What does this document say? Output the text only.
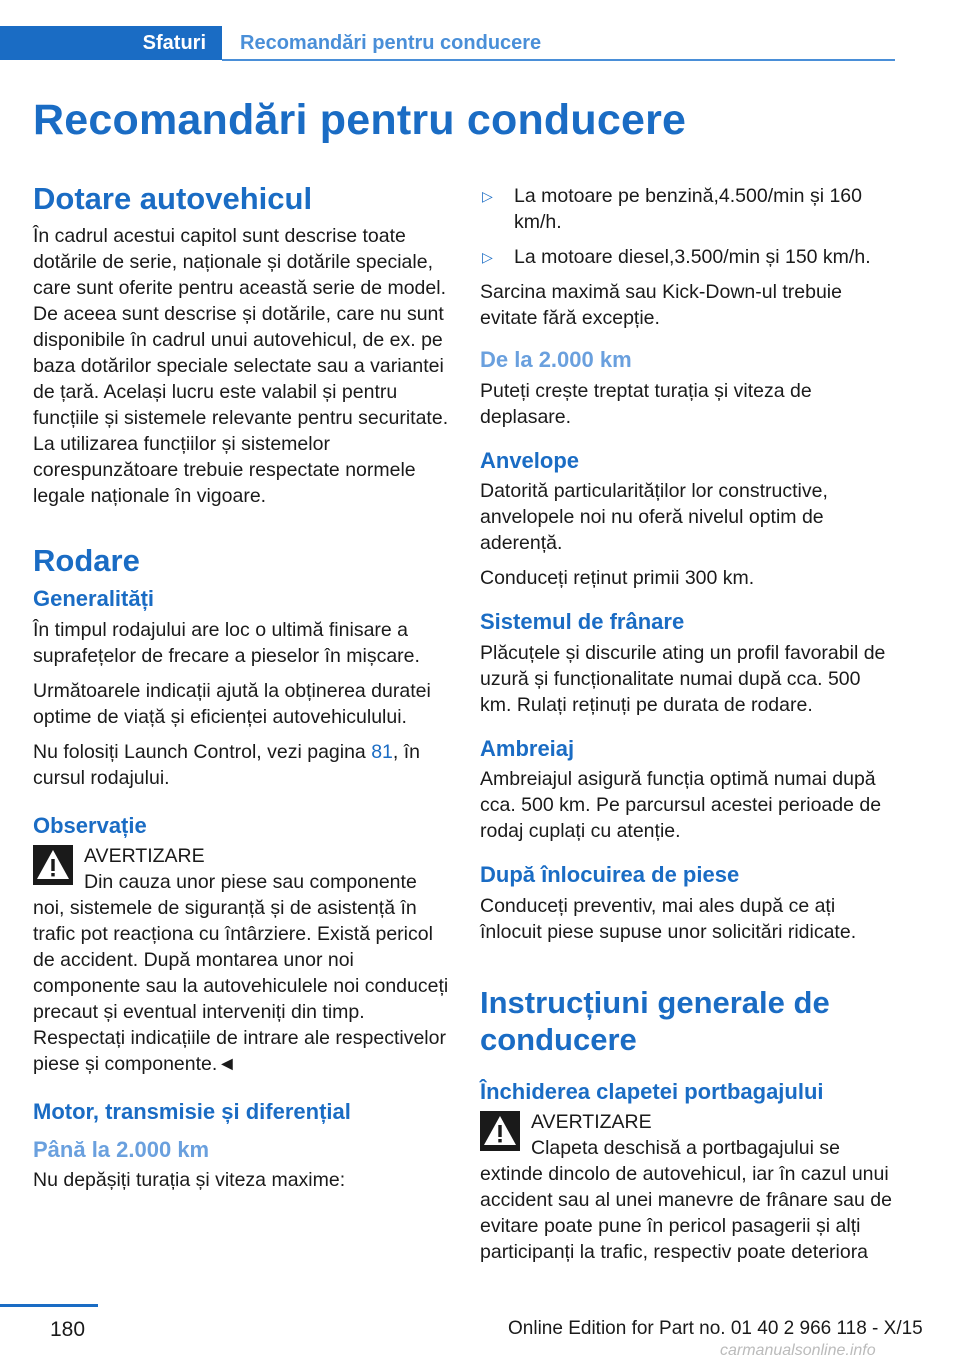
Sfaturi	Recomandări pentru conducere
Recomandări pentru conducere
Dotare autovehicul

În cadrul acestui capitol sunt descrise toate dotările de serie, naționale și dotările speciale, care sunt oferite pentru această serie de model. De aceea sunt descrise și dotările, care nu sunt disponibile în cadrul unui autovehicul, de ex. pe baza dotărilor speciale selectate sau a variantei de țară. Același lucru este valabil și pentru funcțiile și sistemele relevante pentru securitate. La utilizarea funcțiilor și sistemelor corespunzătoare trebuie respectate normele legale naționale în vigoare.

Rodare
Generalități

În timpul rodajului are loc o ultimă finisare a suprafețelor de frecare a pieselor în mișcare.

Următoarele indicații ajută la obținerea duratei optime de viață și eficienței autovehiculului.

Nu folosiți Launch Control, vezi pagina 81, în cursul rodajului.

Observație

AVERTIZARE

Din cauza unor piese sau componente noi, sistemele de siguranță și de asistență în trafic pot reacționa cu întârziere. Există pericol de accident. După montarea unor noi componente sau la autovehiculele noi conduceți precaut și eventual interveniți din timp. Respectați indicațiile de intrare ale respectivelor piese și componente.◄

Motor, transmisie și diferențial
Până la 2.000 km

Nu depășiți turația și viteza maxime:

▷	La motoare pe benzină,4.500/min și 160 km/h.
▷	La motoare diesel,3.500/min și 150 km/h.

Sarcina maximă sau Kick-Down-ul trebuie evitate fără excepție.

De la 2.000 km

Puteți crește treptat turația și viteza de deplasare.

Anvelope

Datorită particularităților lor constructive, anvelopele noi nu oferă nivelul optim de aderență.

Conduceți reținut primii 300 km.

Sistemul de frânare

Plăcuțele și discurile ating un profil favorabil de uzură și funcționalitate numai după cca. 500 km. Rulați reținuți pe durata de rodare.

Ambreiaj

Ambreiajul asigură funcția optimă numai după cca. 500 km. Pe parcursul acestei perioade de rodaj cuplați cu atenție.

După înlocuirea de piese

Conduceți preventiv, mai ales după ce ați înlocuit piese supuse unor solicitări ridicate.

Instrucțiuni generale de conducere
Închiderea clapetei portbagajului

AVERTIZARE

Clapeta deschisă a portbagajului se extinde dincolo de autovehicul, iar în cazul unui accident sau al unei manevre de frânare sau de evitare poate pune în pericol pasagerii și alți participanți la trafic, respectiv poate deteriora

180	Online Edition for Part no. 01 40 2 966 118 - X/15
carmanualsonline.info
